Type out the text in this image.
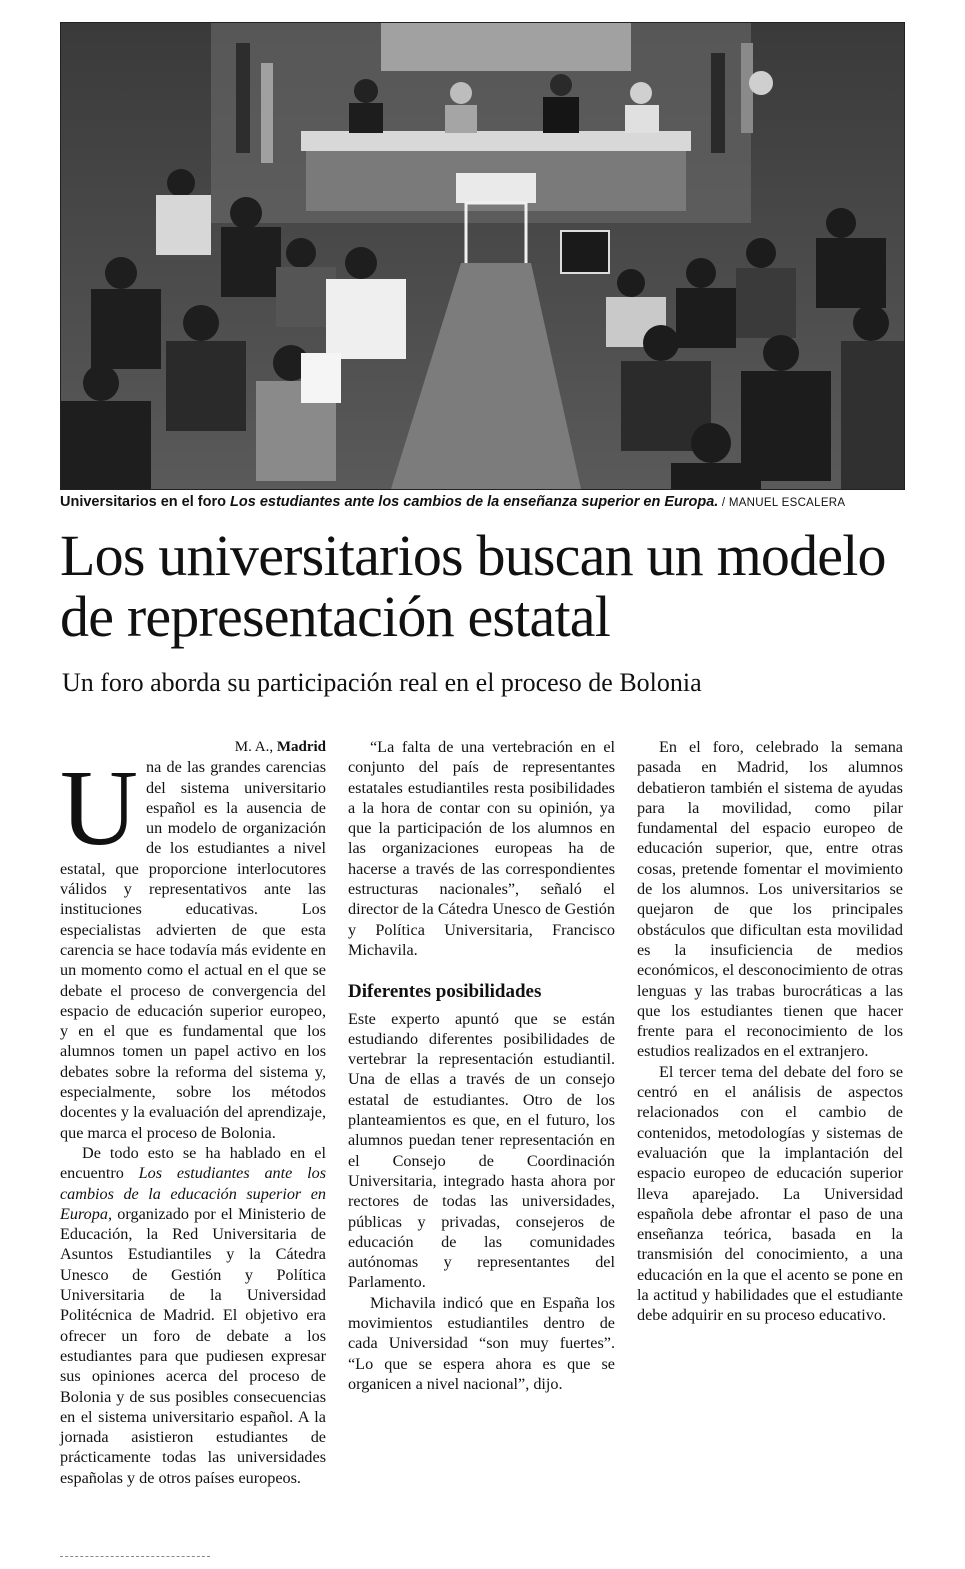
Universitarios en el foro Los estudiantes ante los cambios de la enseñanza superior en Europa. / MANUEL ESCALERA
Los universitarios buscan un modelo de representación estatal
Un foro aborda su participación real en el proceso de Bolonia
M. A., Madrid

Una de las grandes carencias del sistema universitario español es la ausencia de un modelo de organización de los estudiantes a nivel estatal, que proporcione interlocutores válidos y representativos ante las instituciones educativas. Los especialistas advierten de que esta carencia se hace todavía más evidente en un momento como el actual en el que se debate el proceso de convergencia del espacio de educación superior europeo, y en el que es fundamental que los alumnos tomen un papel activo en los debates sobre la reforma del sistema y, especialmente, sobre los métodos docentes y la evaluación del aprendizaje, que marca el proceso de Bolonia.

De todo esto se ha hablado en el encuentro Los estudiantes ante los cambios de la educación superior en Europa, organizado por el Ministerio de Educación, la Red Universitaria de Asuntos Estudiantiles y la Cátedra Unesco de Gestión y Política Universitaria de la Universidad Politécnica de Madrid. El objetivo era ofrecer un foro de debate a los estudiantes para que pudiesen expresar sus opiniones acerca del proceso de Bolonia y de sus posibles consecuencias en el sistema universitario español. A la jornada asistieron estudiantes de prácticamente todas las universidades españolas y de otros países europeos.

“La falta de una vertebración en el conjunto del país de representantes estatales estudiantiles resta posibilidades a la hora de contar con su opinión, ya que la participación de los alumnos en las organizaciones europeas ha de hacerse a través de las correspondientes estructuras nacionales”, señaló el director de la Cátedra Unesco de Gestión y Política Universitaria, Francisco Michavila.

Diferentes posibilidades

Este experto apuntó que se están estudiando diferentes posibilidades de vertebrar la representación estudiantil. Una de ellas a través de un consejo estatal de estudiantes. Otro de los planteamientos es que, en el futuro, los alumnos puedan tener representación en el Consejo de Coordinación Universitaria, integrado hasta ahora por rectores de todas las universidades, públicas y privadas, consejeros de educación de las comunidades autónomas y representantes del Parlamento.

Michavila indicó que en España los movimientos estudiantiles dentro de cada Universidad “son muy fuertes”. “Lo que se espera ahora es que se organicen a nivel nacional”, dijo.

En el foro, celebrado la semana pasada en Madrid, los alumnos debatieron también el sistema de ayudas para la movilidad, como pilar fundamental del espacio europeo de educación superior, que, entre otras cosas, pretende fomentar el movimiento de los alumnos. Los universitarios se quejaron de que los principales obstáculos que dificultan esta movilidad es la insuficiencia de medios económicos, el desconocimiento de otras lenguas y las trabas burocráticas a las que los estudiantes tienen que hacer frente para el reconocimiento de los estudios realizados en el extranjero.

El tercer tema del debate del foro se centró en el análisis de aspectos relacionados con el cambio de contenidos, metodologías y sistemas de evaluación que la implantación del espacio europeo de educación superior lleva aparejado. La Universidad española debe afrontar el paso de una enseñanza teórica, basada en la transmisión del conocimiento, a una educación en la que el acento se pone en la actitud y habilidades que el estudiante debe adquirir en su proceso educativo.
